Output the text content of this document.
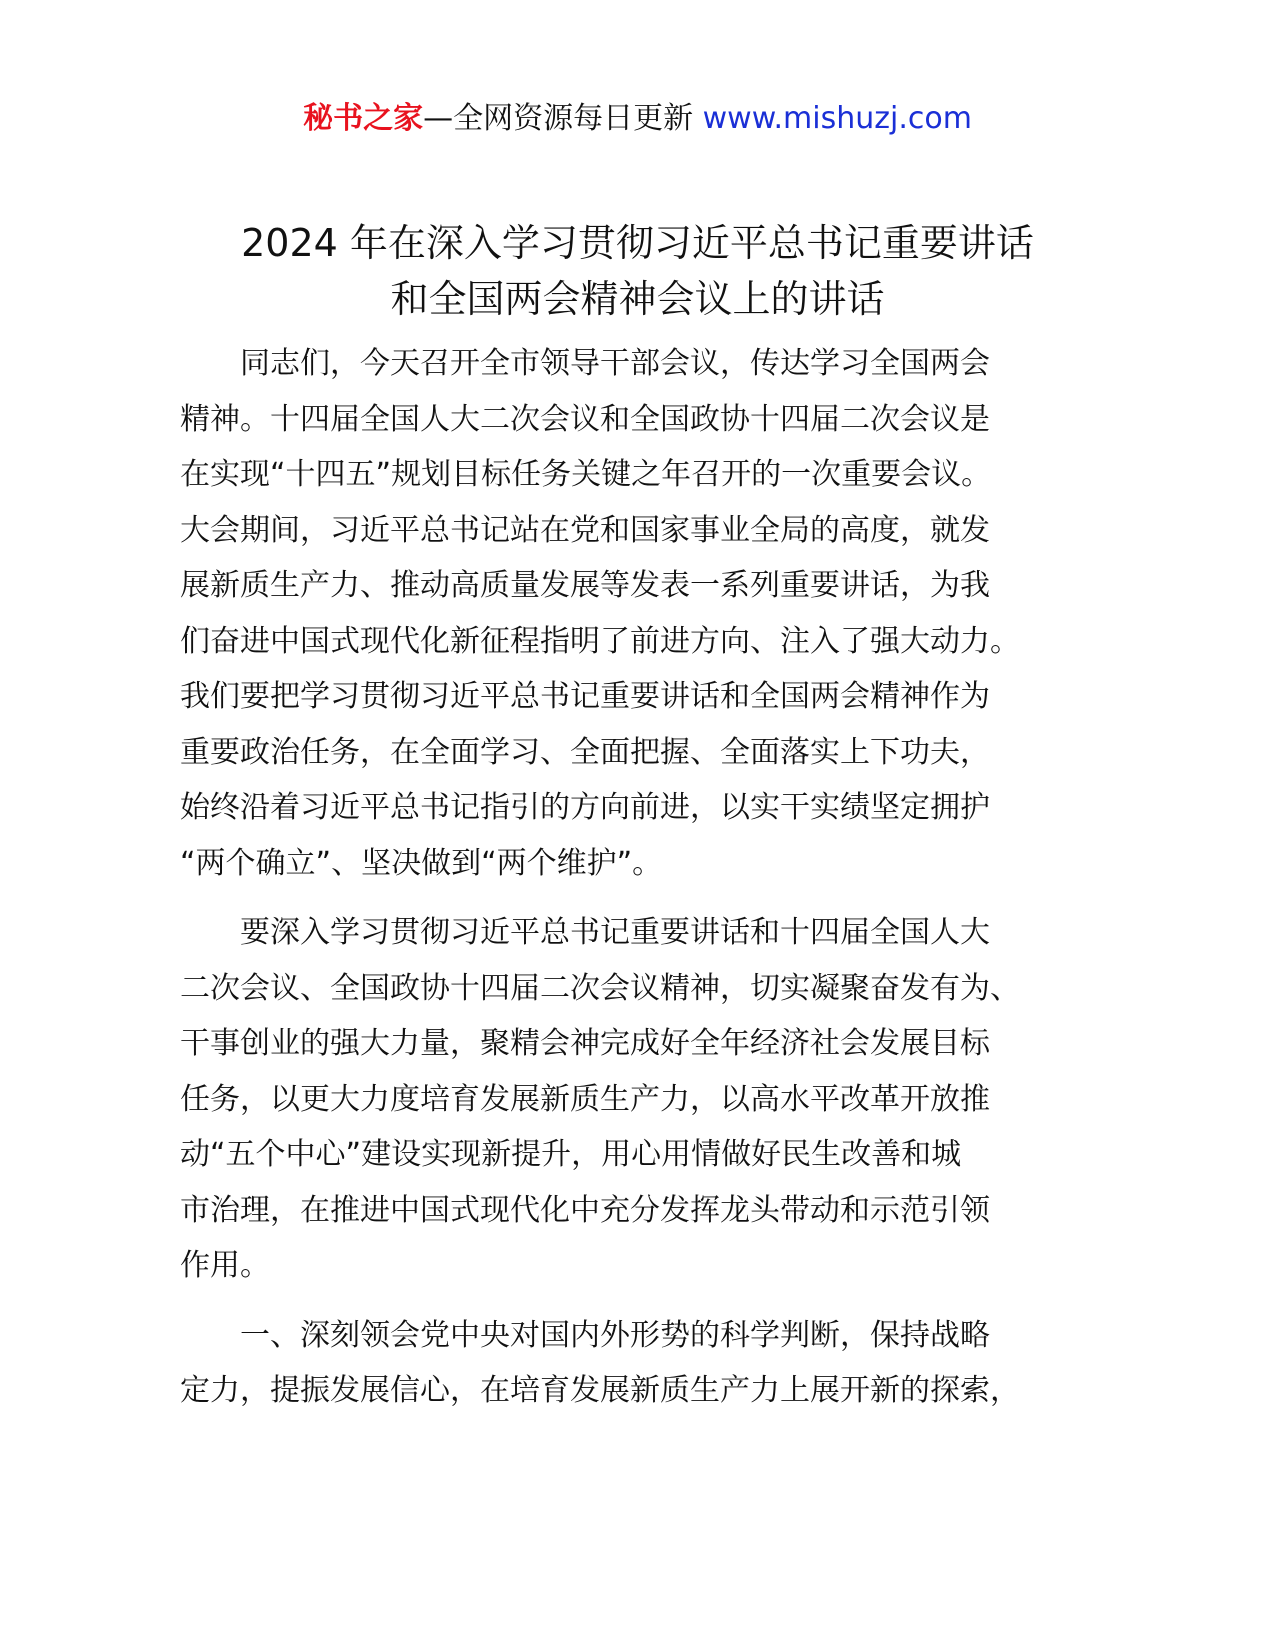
秘书之家—全网资源每日更新 www.mishuzj.com
2024 年在深入学习贯彻习近平总书记重要讲话
和全国两会精神会议上的讲话

　　同志们，今天召开全市领导干部会议，传达学习全国两会
精神。十四届全国人大二次会议和全国政协十四届二次会议是
在实现“十四五”规划目标任务关键之年召开的一次重要会议。
大会期间，习近平总书记站在党和国家事业全局的高度，就发
展新质生产力、推动高质量发展等发表一系列重要讲话，为我
们奋进中国式现代化新征程指明了前进方向、注入了强大动力。
我们要把学习贯彻习近平总书记重要讲话和全国两会精神作为
重要政治任务，在全面学习、全面把握、全面落实上下功夫，
始终沿着习近平总书记指引的方向前进，以实干实绩坚定拥护
“两个确立”、坚决做到“两个维护”。

　　要深入学习贯彻习近平总书记重要讲话和十四届全国人大
二次会议、全国政协十四届二次会议精神，切实凝聚奋发有为、
干事创业的强大力量，聚精会神完成好全年经济社会发展目标
任务，以更大力度培育发展新质生产力，以高水平改革开放推
动“五个中心”建设实现新提升，用心用情做好民生改善和城
市治理，在推进中国式现代化中充分发挥龙头带动和示范引领
作用。

　　一、深刻领会党中央对国内外形势的科学判断，保持战略
定力，提振发展信心，在培育发展新质生产力上展开新的探索，
